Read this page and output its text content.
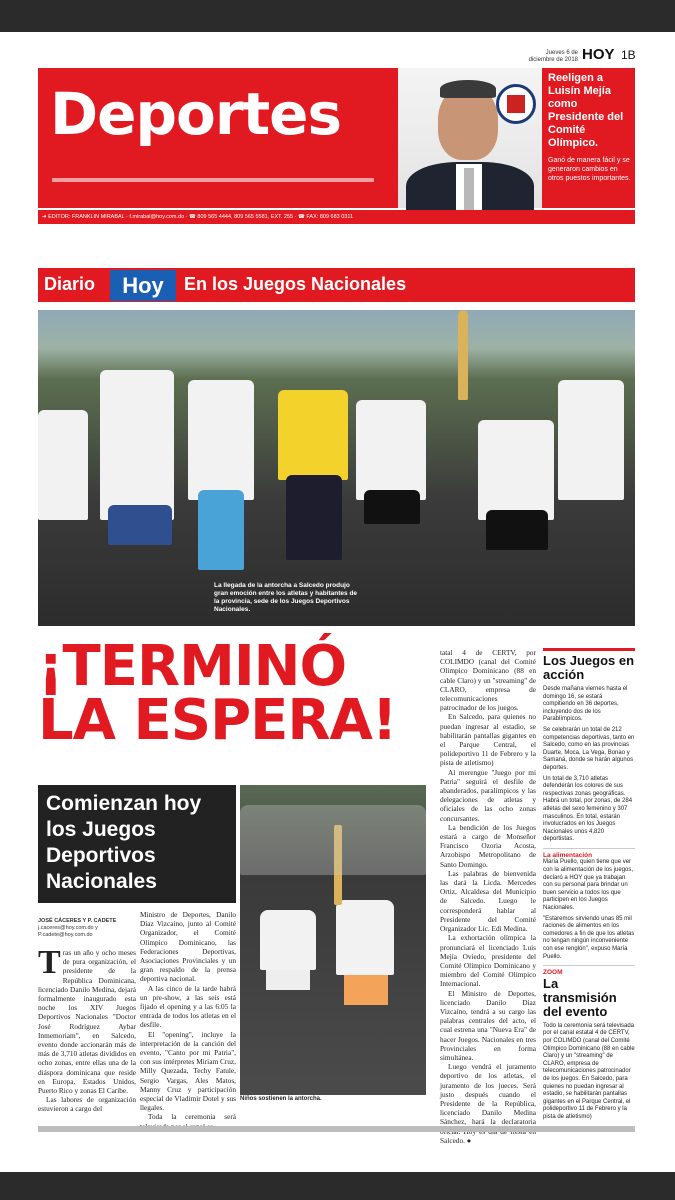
Jueves 6 de diciembre de 2018 HOY 1B
Deportes
Reeligen a Luisín Mejía como Presidente del Comité Olímpico.
Ganó de manera fácil y se generaron cambios en otros puestos importantes.
➜ EDITOR: FRANKLIN MIRABAL · f.mirabal@hoy.com.do · ☎ 809 565 4444, 809 565 5581, EXT. 255 · ☎ FAX: 809 683 0311
Diario	Hoy	En los Juegos Nacionales
La llegada de la antorcha a Salcedo produjo gran emoción entre los atletas y habitantes de la provincia, sede de los Juegos Deportivos Nacionales.
¡TERMINÓ LA ESPERA!
Comienzan hoy los Juegos Deportivos Nacionales
Niños sostienen la antorcha.
JOSÉ CÁCERES Y P. CADETE
j.caceres@hoy.com.do y
P.cadete@hoy.com.do
T ras un año y ocho meses de pura organización, el presidente de la República Dominicana, licenciado Danilo Medina, dejará formalmente inaugurado esta noche los XIV Juegos Deportivos Nacionales "Doctor José Rodríguez Aybar Inmemoriam", en Salcedo, evento donde accionarán más de más de 3,710 atletas divididos en ocho zonas, entre ellas una de la diáspora dominicana que reside en Europa, Estados Unidos, Puerto Rico y zonas El Caribe.

Las labores de organización estuvieron a cargo del

Ministro de Deportes, Danilo Díaz Vizcaíno, junto al Comité Organizador, el Comité Olímpico Dominicano, las Federaciones Deportivas, Asociaciones Provinciales y un gran respaldo de la prensa deportiva nacional.

A las cinco de la tarde habrá un pre-show, a las seis está fijado el opening y a las 6:05 la entrada de todos los atletas en el desfile.

El "opening", incluye la interpretación de la canción del evento, "Canto por mi Patria", con sus intérpretes Miriam Cruz, Milly Quezada, Techy Fatule, Sergio Vargas, Ales Matos, Manny Cruz y participación especial de Vladimir Dotel y sus llegales.

Toda la ceremonia será

tatal 4 de CERTV, por COLIMDO (canal del Comité Olímpico Dominicano (88 en cable Claro) y un "streaming" de CLARO, empresa de telecomunicaciones patrocinador de los juegos.

En Salcedo, para quienes no puedan ingresar al estadio, se habilitarán pantallas gigantes en el Parque Central, el polideportivo 11 de Febrero y la pista de atletismo)

Al merengue "Juego por mi Patria" seguirá el desfile de abanderados, paralímpicos y las delegaciones de atletas y oficiales de las ocho zonas concursantes.

La bendición de los Juegos estará a cargo de Monseñor Francisco Ozoria Acosta, Arzobispo Metropolitano de Santo Domingo.

Las palabras de bienvenida las dará la Licda. Mercedes Ortiz, Alcaldesa del Municipio de Salcedo. Luego le corresponderá hablar al Presidente del Comité Organizador Lic. Edi Medina.

La exhortación olímpica la pronunciará el licenciado Luis Mejía Oviedo, presidente del Comité Olímpico Dominicano y miembro del Comité Olímpico Internacional.

El Ministro de Deportes, licenciado Danilo Díaz Vizcaíno, tendrá a su cargo las palabras centrales del acto, el cual estrena una "Nueva Era" de hacer Juegos. Nacionales en tres Provinciales en forma simultánea.

Luego vendrá el juramento deportivo de los atletas, el juramento de los jueces. Será justo después cuando el Presidente de la República, licenciado Danilo Medina Sánchez, hará la declaratoria Salcedo. ●

Los Juegos en acción

Desde mañana viernes hasta el domingo 16, se estará compitiendo en 36 deportes, incluyendo dos de los Parablímpicos.

Se celebrarán un total de 212 competencias deportivas, tanto en Salcedo, como en las provincias Duarte, Moca, La Vega, Bonao y Samaná, donde se harán algunos deportes.

Un total de 3,710 atletas defenderán los colores de sus respectivas zonas geográficas. Habrá un total, por zonas, de 284 atletas del sexo femenino y 307 masculinos. En total, estarán involucrados en los Juegos Nacionales unos 4,820 deportistas.

La alimentación

María Puello, quien tiene que ver con la alimentación de los juegos, declaró a HOY que ya trabajan con su personal para brindar un buen servicio a todos los que participen en los Juegos Nacionales.

"Estaremos sirviendo unas 85 mil raciones de alimentos en los comedores a fin de que los atletas no tengan ningún inconveniente con ese renglón", expuso María Puello.

ZOOM
La transmisión del evento

Todo la ceremonia será televisada por el canal estatal 4 de CERTV, por COLIMDO (canal del Comité Olímpico Dominicano (88 en cable Claro) y un "streaming" de CLARO, empresa de telecomunicaciones patrocinador de los juegos. En Salcedo, para quienes no puedan ingresar al estadio, se habilitarán pantallas gigantes en el Parque Central, el polideportivo 11 de Febrero y la pista de atletismo)
